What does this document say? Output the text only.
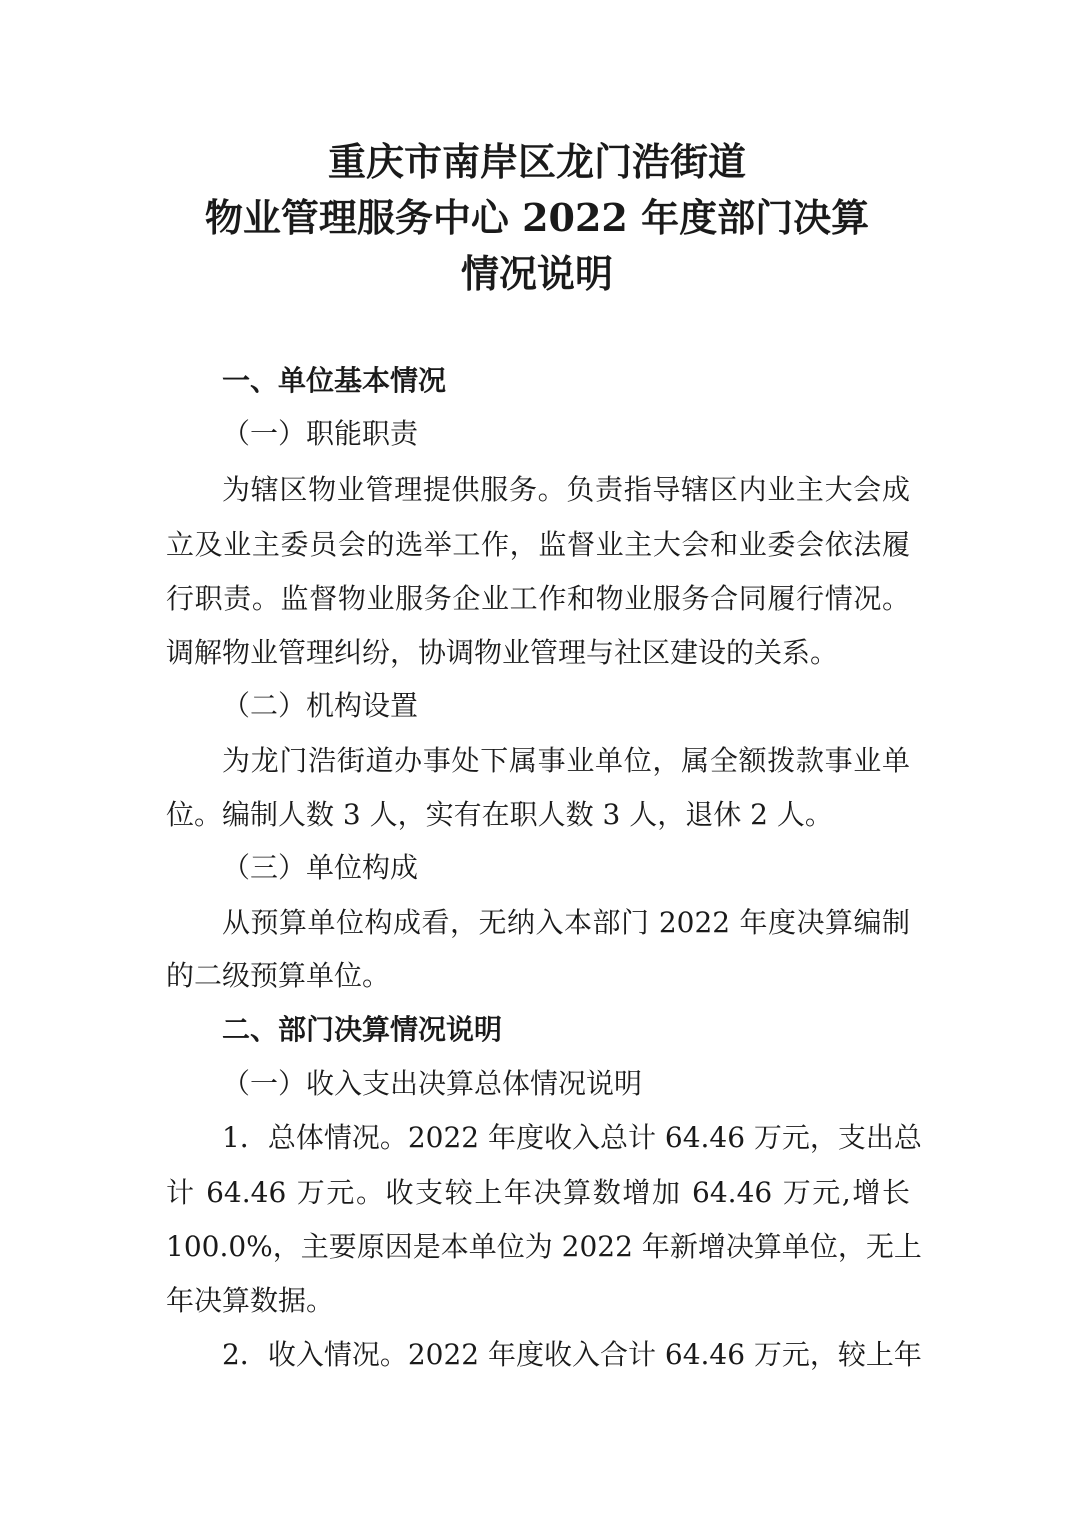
重庆市南岸区龙门浩街道
物业管理服务中心 2022 年度部门决算
情况说明
一、单位基本情况
（一）职能职责
为辖区物业管理提供服务。负责指导辖区内业主大会成
立及业主委员会的选举工作，监督业主大会和业委会依法履
行职责。监督物业服务企业工作和物业服务合同履行情况。
调解物业管理纠纷，协调物业管理与社区建设的关系。
（二）机构设置
为龙门浩街道办事处下属事业单位，属全额拨款事业单
位。编制人数 3 人，实有在职人数 3 人，退休 2 人。
（三）单位构成
从预算单位构成看，无纳入本部门 2022 年度决算编制
的二级预算单位。
二、部门决算情况说明
（一）收入支出决算总体情况说明
1．总体情况。2022 年度收入总计 64.46 万元，支出总
计 64.46 万元。收支较上年决算数增加 64.46 万元,增长
100.0%，主要原因是本单位为 2022 年新增决算单位，无上
年决算数据。
2．收入情况。2022 年度收入合计 64.46 万元，较上年
